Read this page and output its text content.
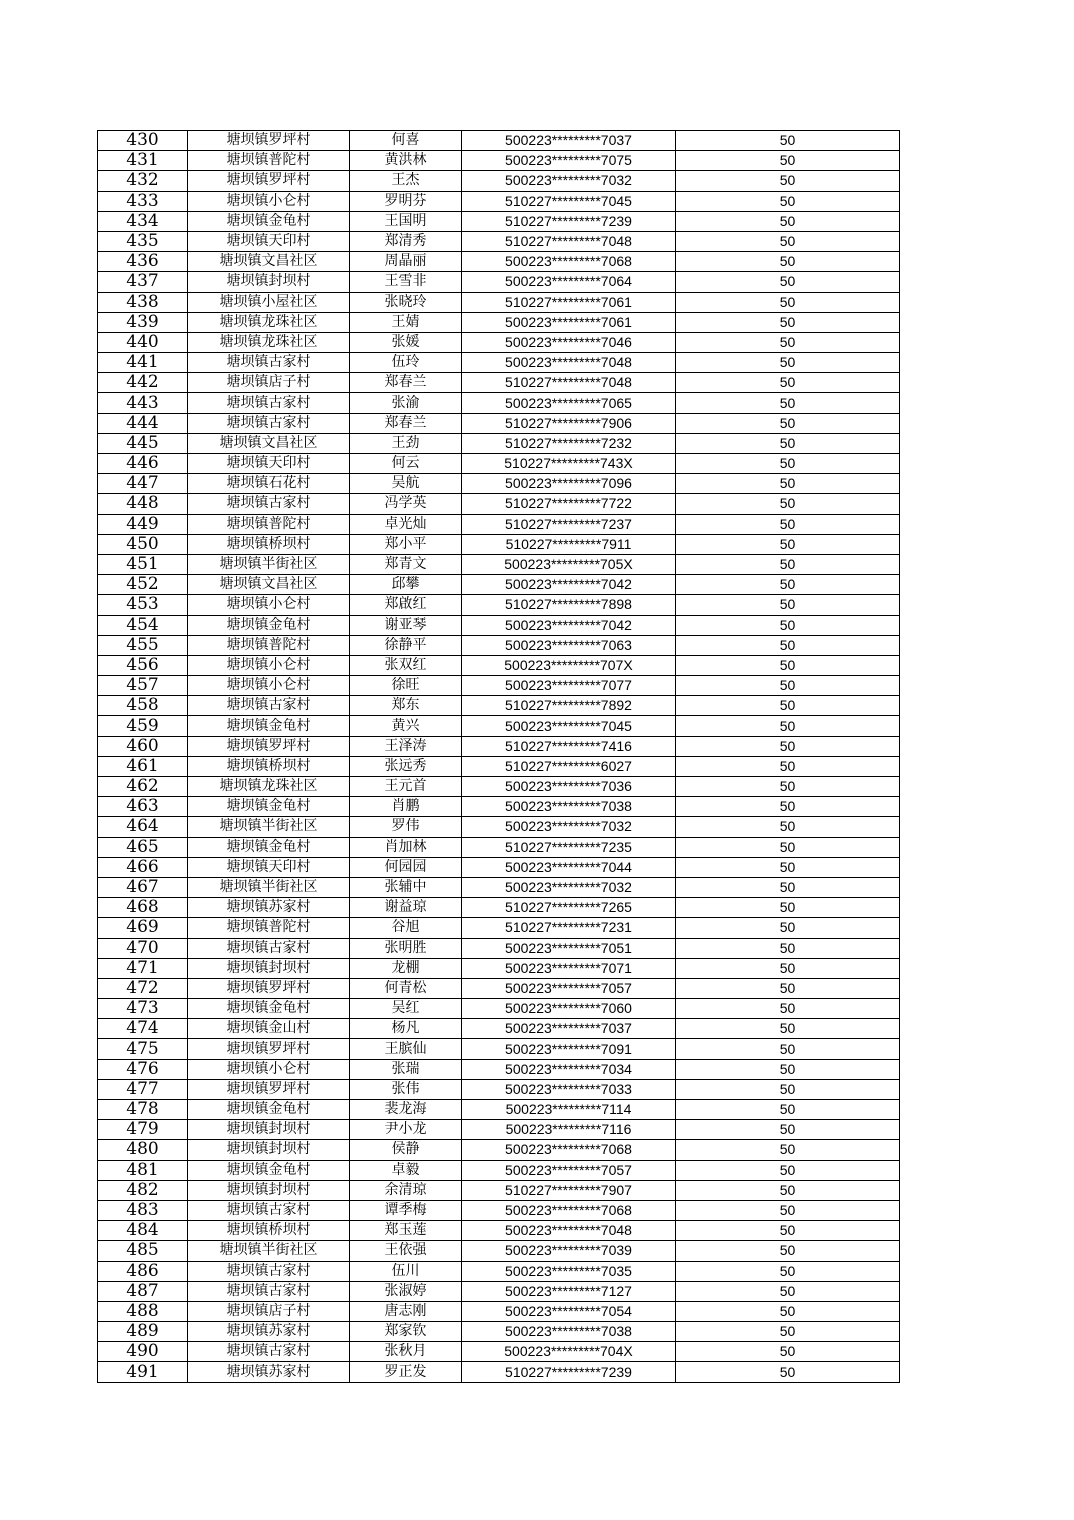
430	塘坝镇罗坪村	何喜	500223*********7037	50
431	塘坝镇普陀村	黄洪林	500223*********7075	50
432	塘坝镇罗坪村	王杰	500223*********7032	50
433	塘坝镇小仑村	罗明芬	510227*********7045	50
434	塘坝镇金龟村	王国明	510227*********7239	50
435	塘坝镇天印村	郑清秀	510227*********7048	50
436	塘坝镇文昌社区	周晶丽	500223*********7068	50
437	塘坝镇封坝村	王雪非	500223*********7064	50
438	塘坝镇小屋社区	张晓玲	510227*********7061	50
439	塘坝镇龙珠社区	王婧	500223*********7061	50
440	塘坝镇龙珠社区	张媛	500223*********7046	50
441	塘坝镇古家村	伍玲	500223*********7048	50
442	塘坝镇店子村	郑春兰	510227*********7048	50
443	塘坝镇古家村	张渝	500223*********7065	50
444	塘坝镇古家村	郑春兰	510227*********7906	50
445	塘坝镇文昌社区	王劲	510227*********7232	50
446	塘坝镇天印村	何云	510227*********743X	50
447	塘坝镇石花村	吴航	500223*********7096	50
448	塘坝镇古家村	冯学英	510227*********7722	50
449	塘坝镇普陀村	卓光灿	510227*********7237	50
450	塘坝镇桥坝村	郑小平	510227*********7911	50
451	塘坝镇半街社区	郑青文	500223*********705X	50
452	塘坝镇文昌社区	邱攀	500223*********7042	50
453	塘坝镇小仑村	郑啟红	510227*********7898	50
454	塘坝镇金龟村	谢亚琴	500223*********7042	50
455	塘坝镇普陀村	徐静平	500223*********7063	50
456	塘坝镇小仑村	张双红	500223*********707X	50
457	塘坝镇小仑村	徐旺	500223*********7077	50
458	塘坝镇古家村	郑东	510227*********7892	50
459	塘坝镇金龟村	黄兴	500223*********7045	50
460	塘坝镇罗坪村	王泽涛	510227*********7416	50
461	塘坝镇桥坝村	张远秀	510227*********6027	50
462	塘坝镇龙珠社区	王元首	500223*********7036	50
463	塘坝镇金龟村	肖鹏	500223*********7038	50
464	塘坝镇半街社区	罗伟	500223*********7032	50
465	塘坝镇金龟村	肖加林	510227*********7235	50
466	塘坝镇天印村	何园园	500223*********7044	50
467	塘坝镇半街社区	张辅中	500223*********7032	50
468	塘坝镇苏家村	谢益琼	510227*********7265	50
469	塘坝镇普陀村	谷旭	510227*********7231	50
470	塘坝镇古家村	张明胜	500223*********7051	50
471	塘坝镇封坝村	龙棚	500223*********7071	50
472	塘坝镇罗坪村	何青松	500223*********7057	50
473	塘坝镇金龟村	吴红	500223*********7060	50
474	塘坝镇金山村	杨凡	500223*********7037	50
475	塘坝镇罗坪村	王膑仙	500223*********7091	50
476	塘坝镇小仑村	张瑞	500223*********7034	50
477	塘坝镇罗坪村	张伟	500223*********7033	50
478	塘坝镇金龟村	裴龙海	500223*********7114	50
479	塘坝镇封坝村	尹小龙	500223*********7116	50
480	塘坝镇封坝村	侯静	500223*********7068	50
481	塘坝镇金龟村	卓毅	500223*********7057	50
482	塘坝镇封坝村	余清琼	510227*********7907	50
483	塘坝镇古家村	谭季梅	500223*********7068	50
484	塘坝镇桥坝村	郑玉莲	500223*********7048	50
485	塘坝镇半街社区	王依强	500223*********7039	50
486	塘坝镇古家村	伍川	500223*********7035	50
487	塘坝镇古家村	张淑婷	500223*********7127	50
488	塘坝镇店子村	唐志刚	500223*********7054	50
489	塘坝镇苏家村	郑家钦	500223*********7038	50
490	塘坝镇古家村	张秋月	500223*********704X	50
491	塘坝镇苏家村	罗正发	510227*********7239	50
